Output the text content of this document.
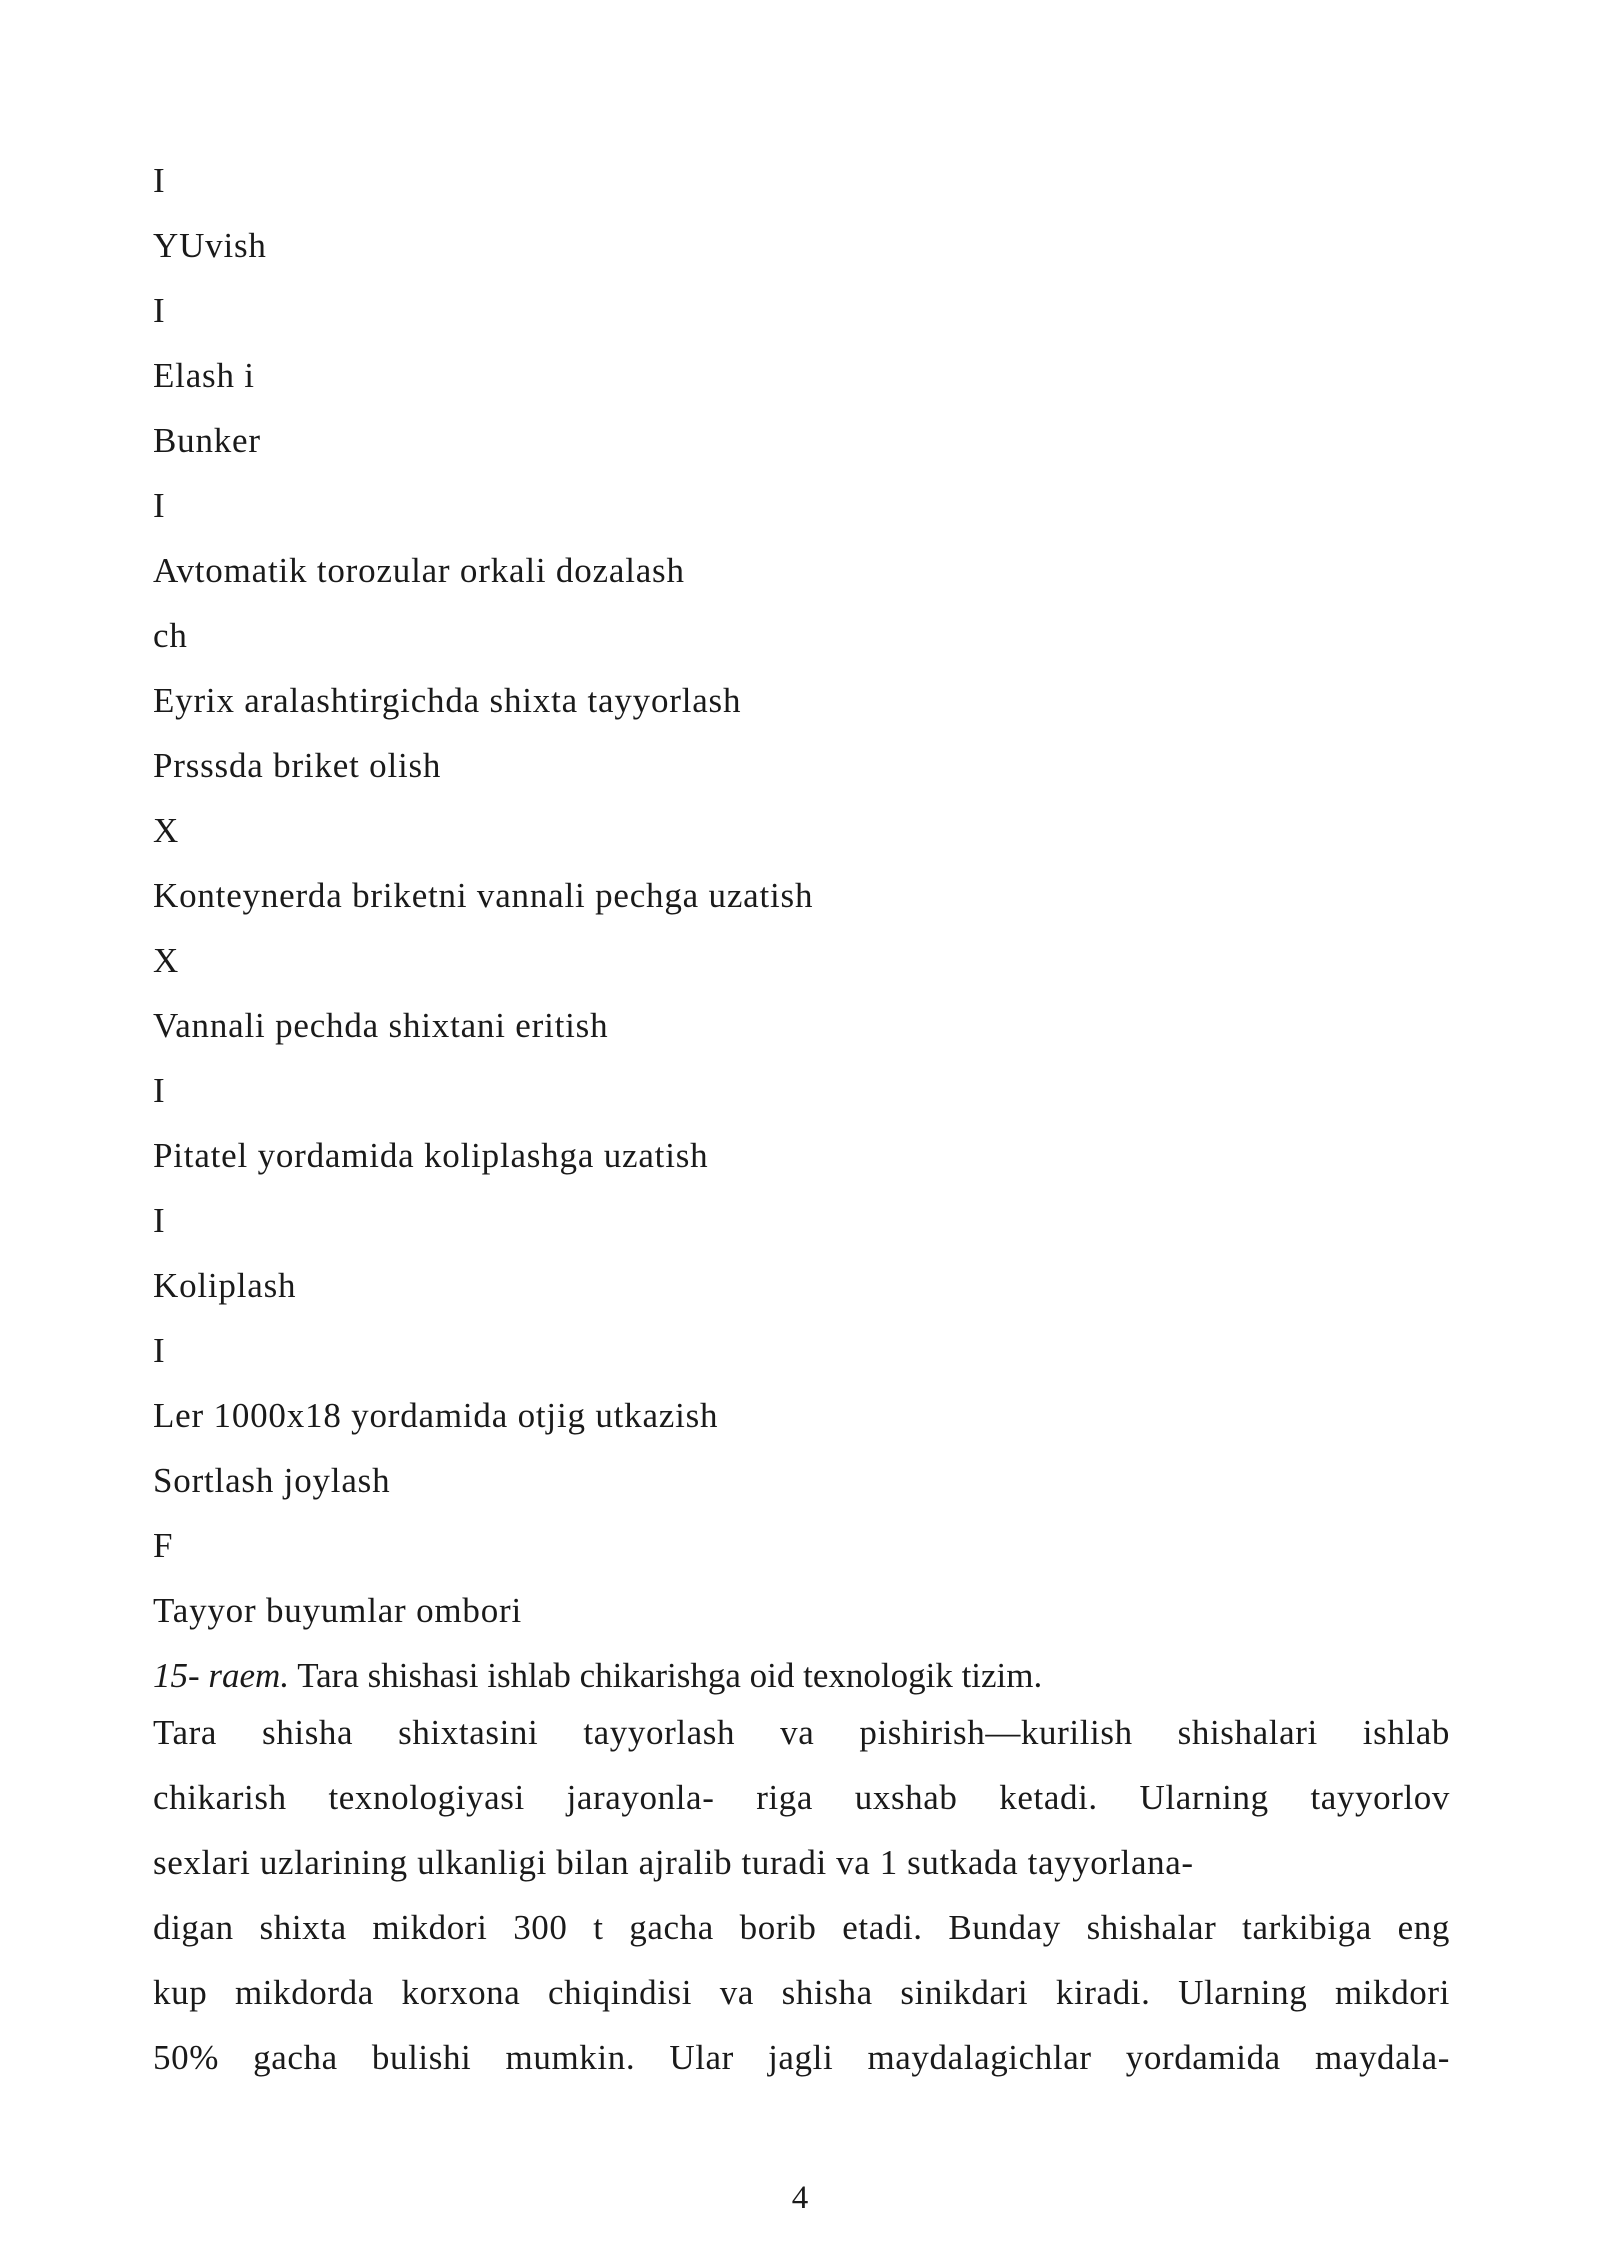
I
YUvish
I
Elash i
Bunker
I
Avtomatik torozular orkali dozalash
ch
Eyrix aralashtirgichda shixta tayyorlash
Prsssda briket olish
X
Konteynerda briketni vannali pechga uzatish
X
Vannali pechda shixtani eritish
I
Pitatel yordamida koliplashga uzatish
I
Koliplash
I
Ler 1000x18 yordamida otjig utkazish
Sortlash joylash
F
Tayyor buyumlar ombori
15- raem. Tara shishasi ishlab chikarishga oid texnologik tizim.
Tara shisha shixtasini tayyorlash va pishirish—kurilish shishalari ishlab
chikarish texnologiyasi jarayonla- riga uxshab ketadi. Ularning tayyorlov
sexlari uzlarining ulkanligi bilan ajralib turadi va 1 sutkada tayyorlana-
digan shixta mikdori 300 t gacha borib etadi. Bunday shishalar tarkibiga eng
kup mikdorda korxona chiqindisi va shisha sinikdari kiradi. Ularning mikdori
50% gacha bulishi mumkin. Ular jagli maydalagichlar yordamida maydala-
4
